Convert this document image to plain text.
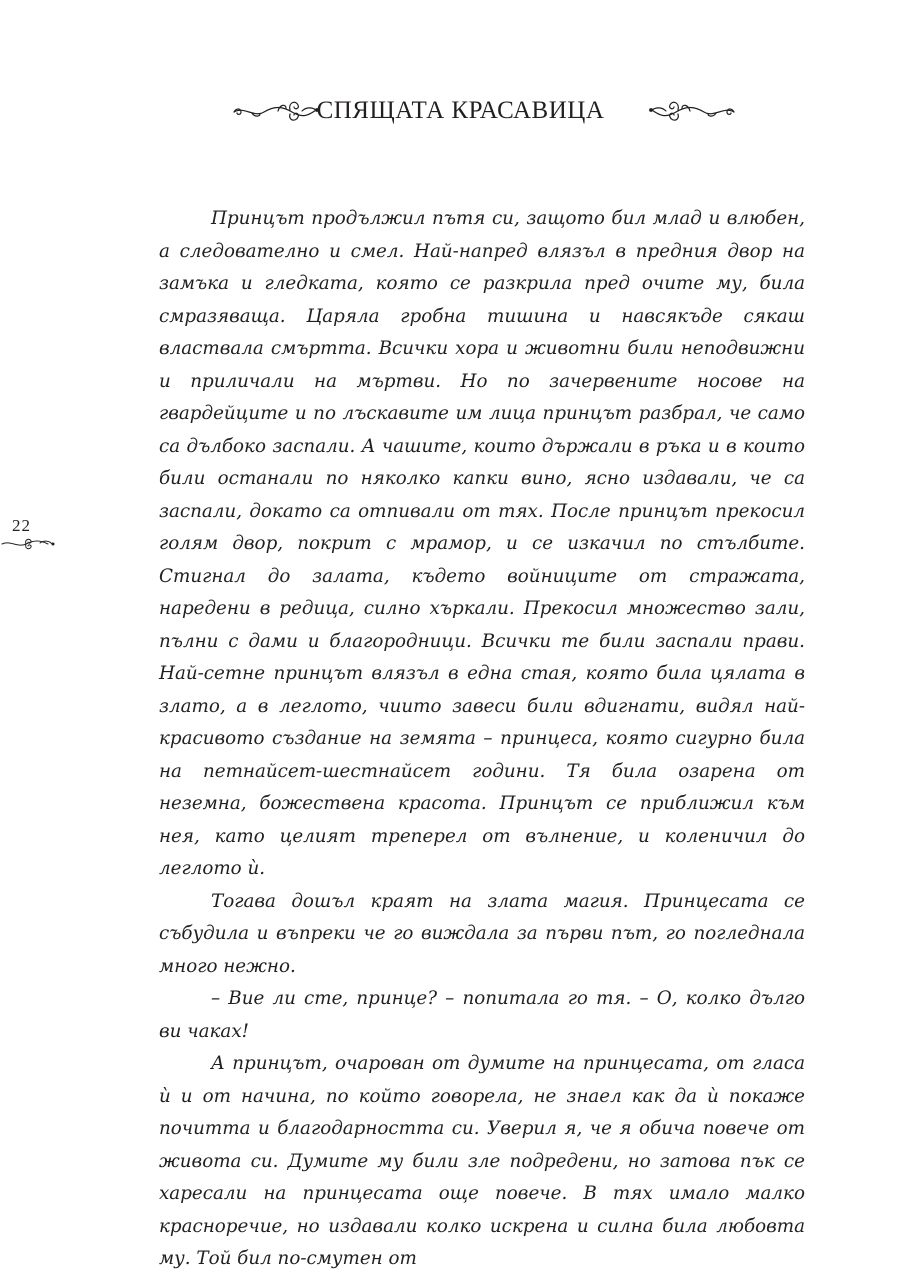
СПЯЩАТА КРАСАВИЦА
22

Принцът продължил пътя си, защото бил млад и влюбен, а следователно и смел. Най-напред влязъл в предния двор на замъка и гледката, която се разкрила пред очите му, била смразяваща. Царяла гробна тишина и навсякъде сякаш властвала смъртта. Всички хора и животни били неподвижни и приличали на мъртви. Но по зачервените носове на гвардейците и по лъскавите им лица принцът разбрал, че само са дълбоко заспали. А чашите, които държали в ръка и в които били останали по няколко капки вино, ясно издавали, че са заспали, докато са отпивали от тях. После принцът прекосил голям двор, покрит с мрамор, и се изкачил по стълбите. Стигнал до залата, където войниците от стражата, наредени в редица, силно хъркали. Прекосил множество зали, пълни с дами и благородници. Всички те били заспали прави. Най-сетне принцът влязъл в една стая, която била цялата в злато, а в леглото, чиито завеси били вдигнати, видял най-красивото създание на земята – принцеса, която сигурно била на петнайсет-шестнайсет години. Тя била озарена от неземна, божествена красота. Принцът се приближил към нея, като целият треперел от вълнение, и коленичил до леглото ѝ.

Тогава дошъл краят на злата магия. Принцесата се събудила и въпреки че го виждала за първи път, го погледнала много нежно.

– Вие ли сте, принце? – попитала го тя. – О, колко дълго ви чаках!

А принцът, очарован от думите на принцесата, от гласа ѝ и от начина, по който говорела, не знаел как да ѝ покаже почитта и благодарността си. Уверил я, че я обича повече от живота си. Думите му били зле подредени, но затова пък се харесали на принцесата още повече. В тях имало малко красноречие, но издавали колко искрена и силна била любовта му. Той бил по-смутен от
